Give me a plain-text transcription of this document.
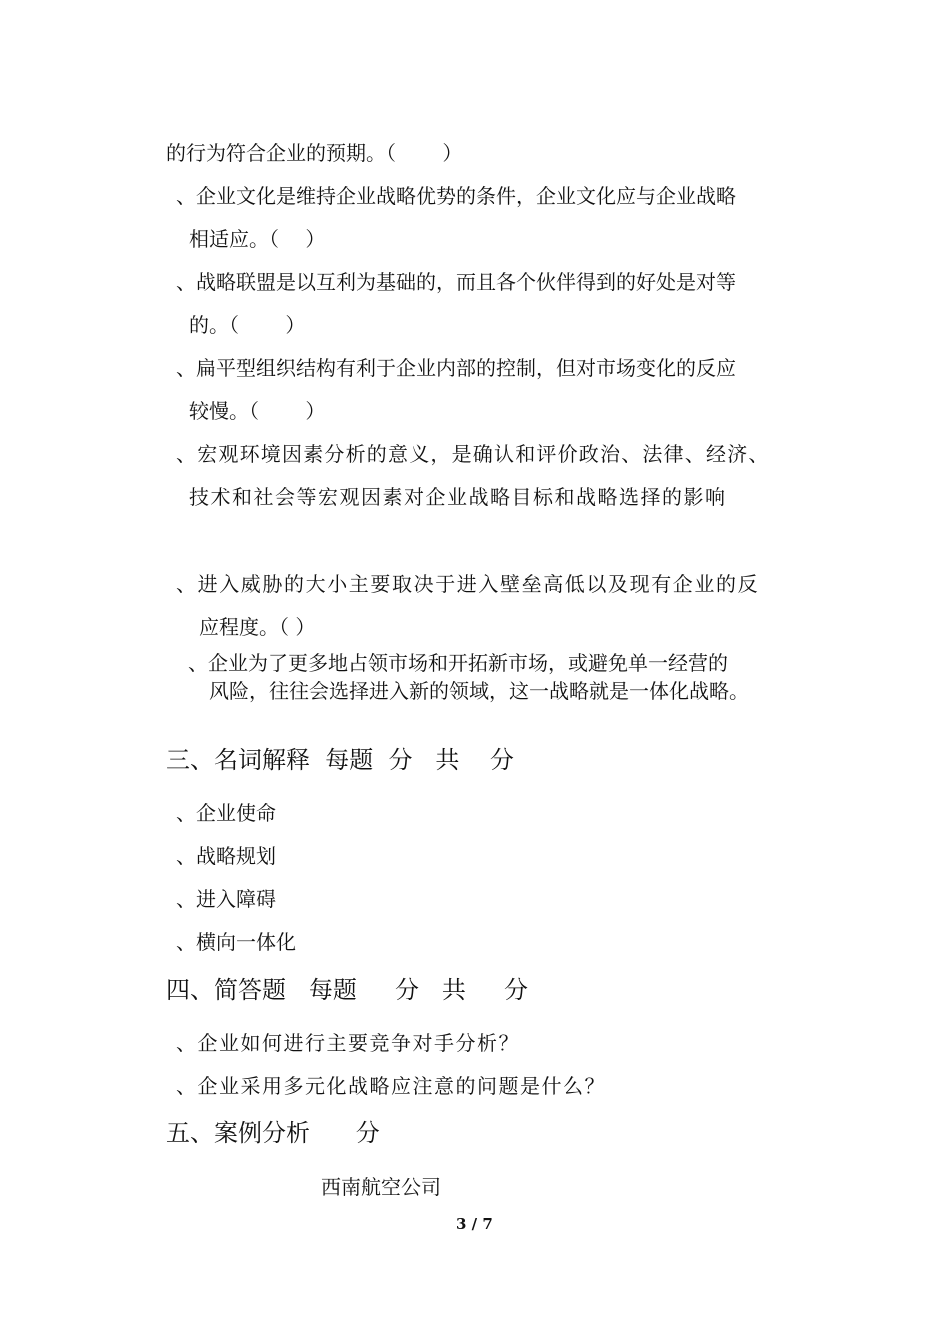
的行为符合企业的预期。（　　 ）
、企业文化是维持企业战略优势的条件，企业文化应与企业战略
相适应。（　 ）
、战略联盟是以互利为基础的，而且各个伙伴得到的好处是对等
的。（　　 ）
、扁平型组织结构有利于企业内部的控制，但对市场变化的反应
较慢。（　　 ）
、宏观环境因素分析的意义，是确认和评价政治、法律、经济、
技术和社会等宏观因素对企业战略目标和战略选择的影响
、进入威胁的大小主要取决于进入壁垒高低以及现有企业的反
应程度。（ ）
、企业为了更多地占领市场和开拓新市场，或避免单一经营的
风险，往往会选择进入新的领域，这一战略就是一体化战略。
三、名词解释  每题  分   共    分
、企业使命
、战略规划
、进入障碍
、横向一体化
四、简答题   每题     分   共     分
、企业如何进行主要竞争对手分析？
、企业采用多元化战略应注意的问题是什么？
五、案例分析      分
西南航空公司
3 / 7
